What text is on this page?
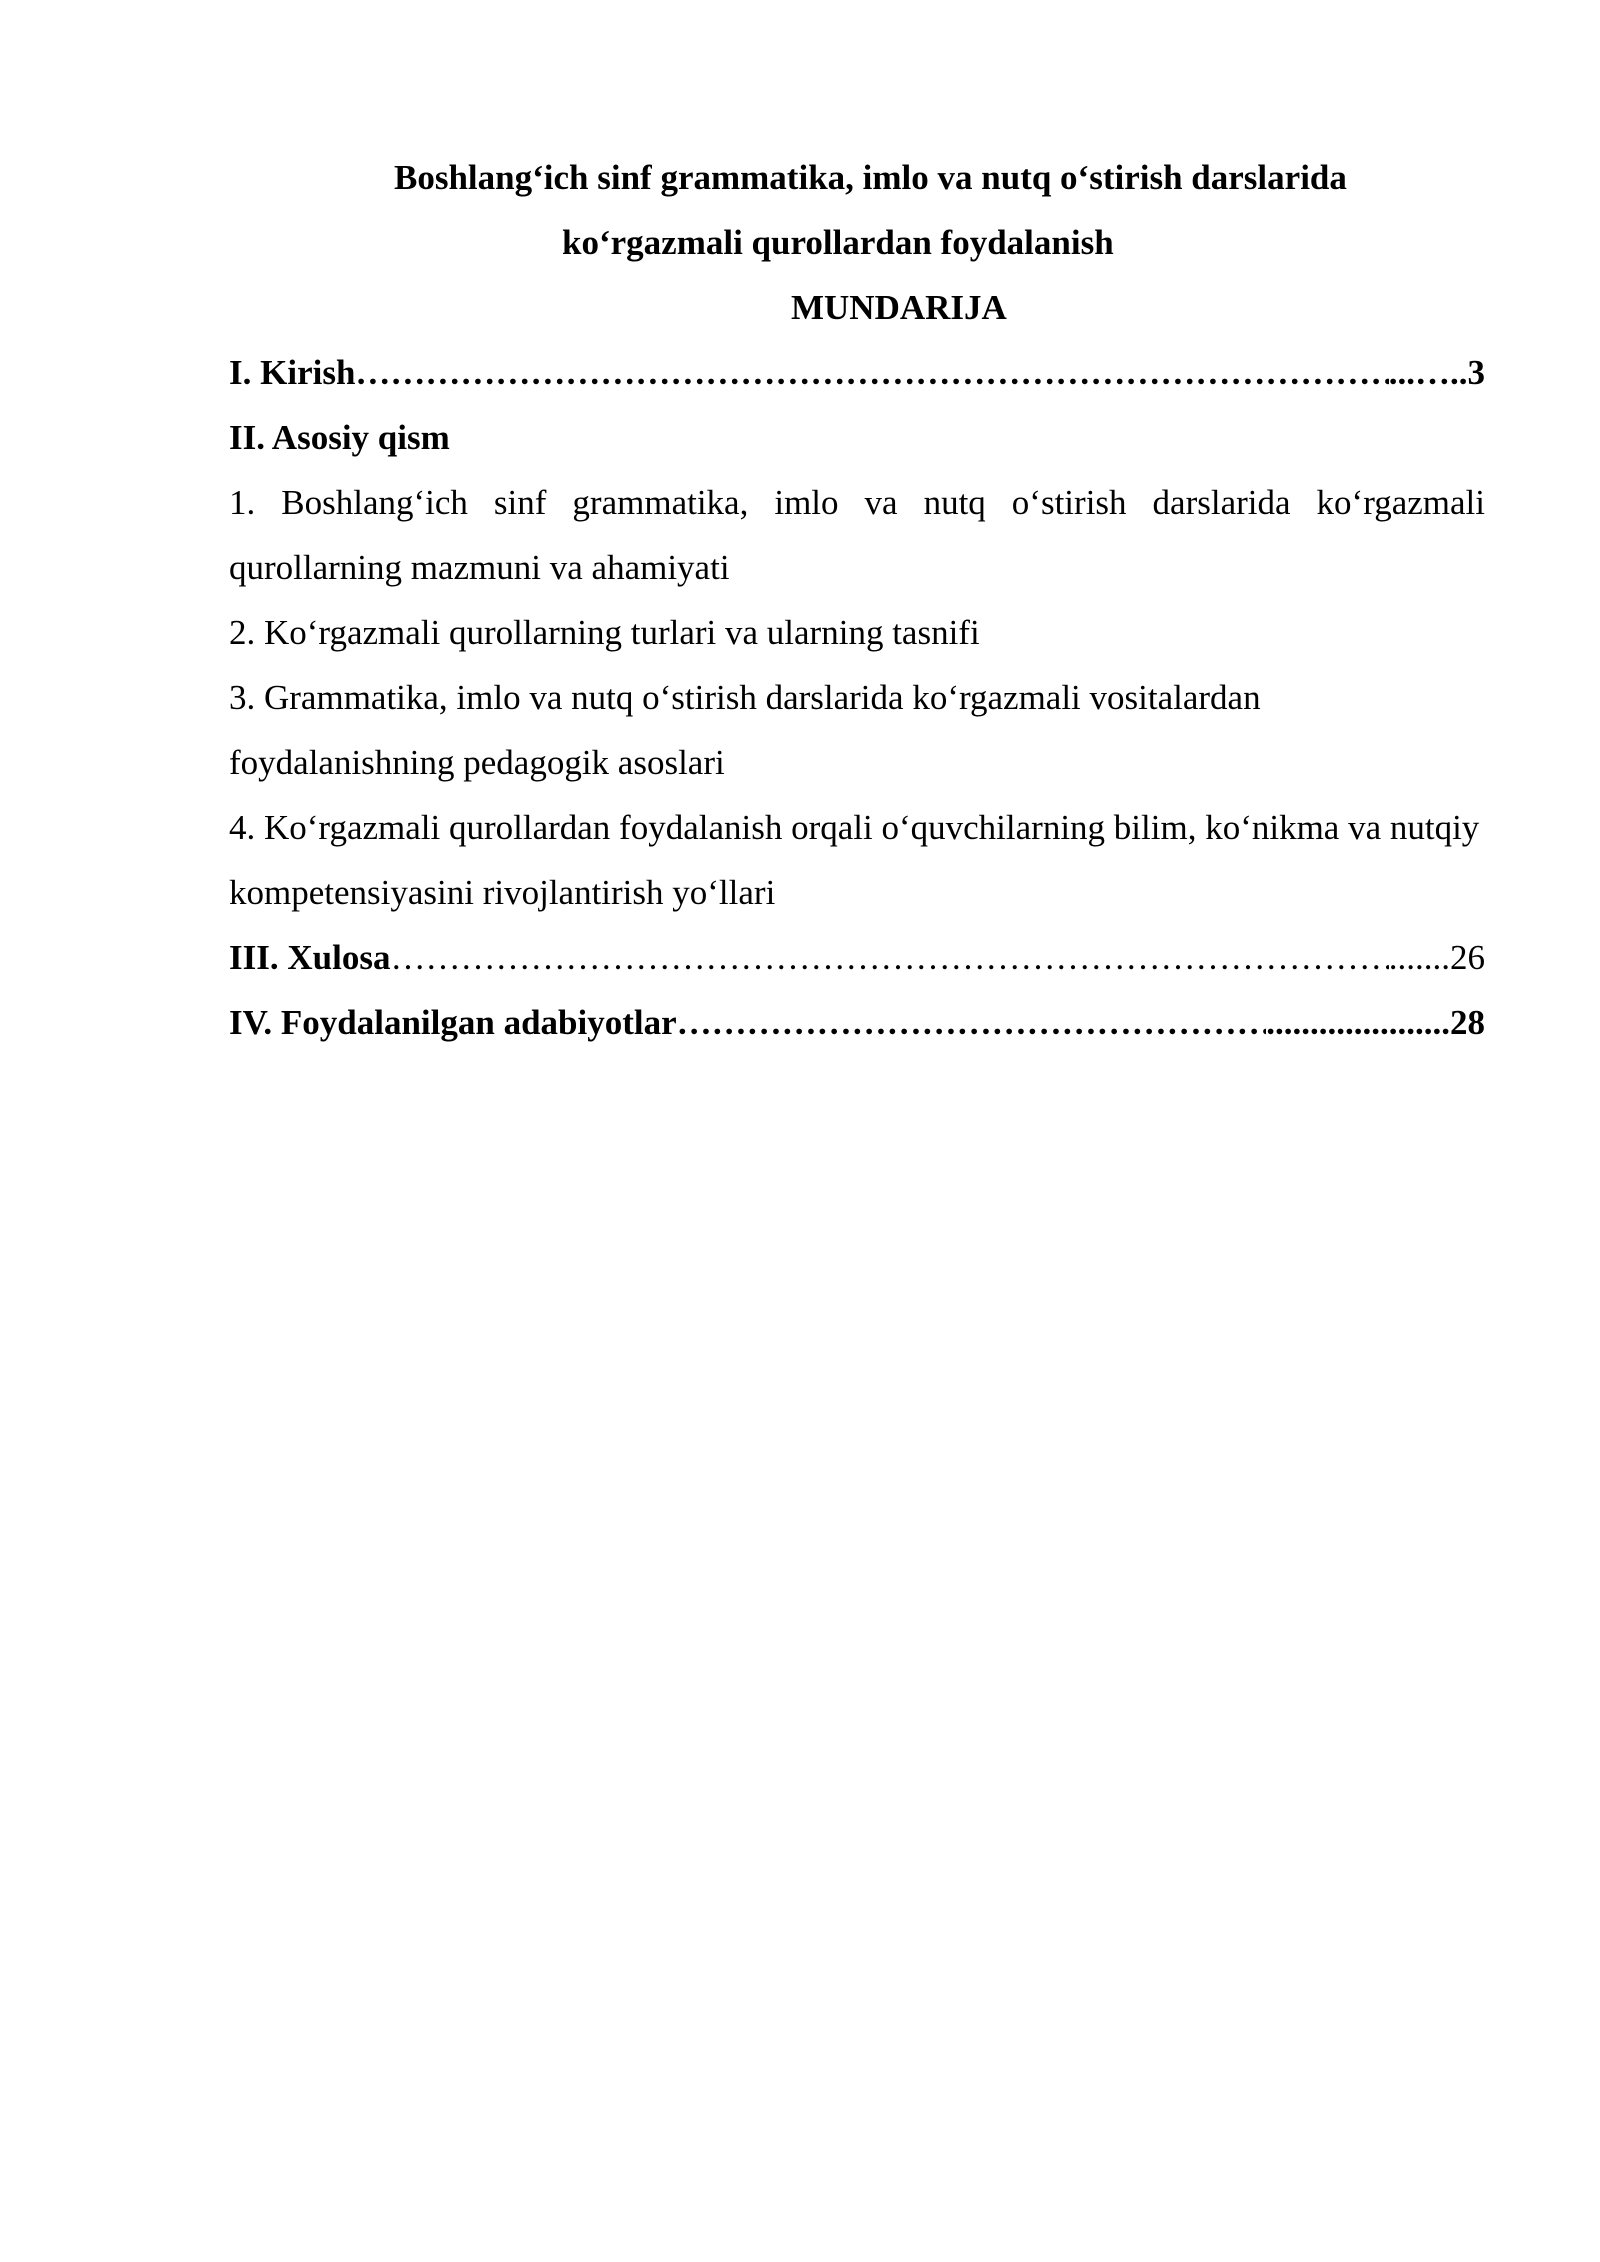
Boshlang‘ich sinf grammatika, imlo va nutq o‘stirish darslarida
ko‘rgazmali qurollardan foydalanish
MUNDARIJA
I. Kirish …………………………………………………………………………………………………………………………………………………………………………	...….. 3
II. Asosiy qism
1. Boshlang‘ich sinf grammatika, imlo va nutq o‘stirish darslarida ko‘rgazmali qurollarning mazmuni va ahamiyati
2. Ko‘rgazmali qurollarning turlari va ularning tasnifi
3. Grammatika, imlo va nutq o‘stirish darslarida ko‘rgazmali vositalardan foydalanishning pedagogik asoslari
4. Ko‘rgazmali qurollardan foydalanish orqali o‘quvchilarning bilim, ko‘nikma va nutqiy kompetensiyasini rivojlantirish yo‘llari
III. Xulosa …………………………………………………………………………………………………………………………………………………………………………	....... 26
IV. Foydalanilgan adabiyotlar …………………………………………………………………………………………………………………………………………………………………………	..................... 28
